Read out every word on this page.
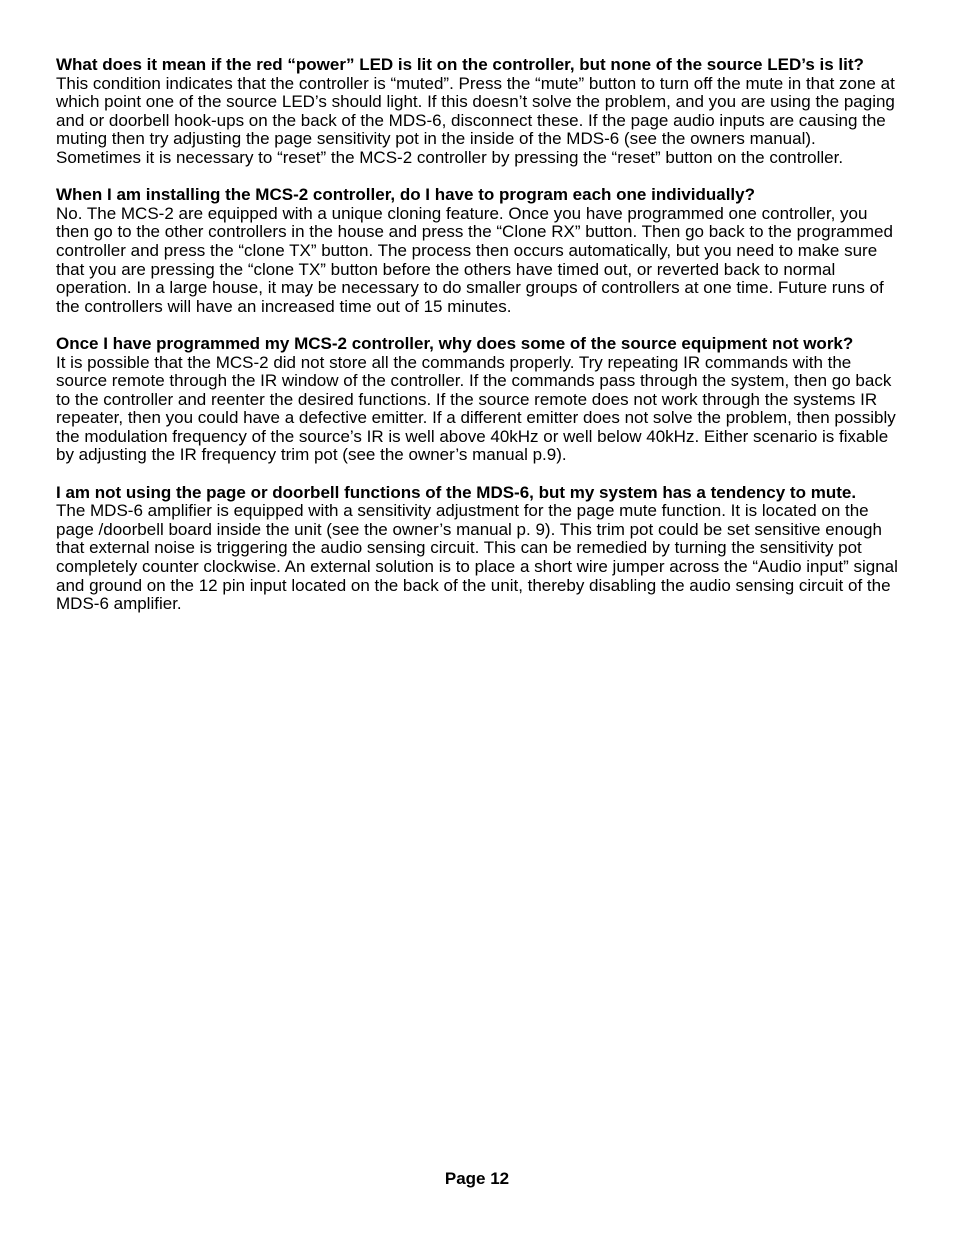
What does it mean if the red “power” LED is lit on the controller, but none of the source LED’s is lit?

This condition indicates that the controller is “muted”. Press the “mute” button to turn off the mute in that zone at which point one of the source LED’s should light. If this doesn’t solve the problem, and you are using the paging and or doorbell hook-ups on the back of the MDS-6, disconnect these. If the page audio inputs are causing the muting then try adjusting the page sensitivity pot in the inside of the MDS-6 (see the owners manual). Sometimes it is necessary to “reset” the MCS-2 controller by pressing the “reset” button on the controller.

When I am installing the MCS-2 controller, do I have to program each one individually?

No. The MCS-2 are equipped with a unique cloning feature. Once you have programmed one controller, you then go to the other controllers in the house and press the “Clone RX” button. Then go back to the programmed controller and press the “clone TX” button. The process then occurs automatically, but you need to make sure that you are pressing the “clone TX” button before the others have timed out, or reverted back to normal operation. In a large house, it may be necessary to do smaller groups of controllers at one time. Future runs of the controllers will have an increased time out of 15 minutes.

Once I have programmed my MCS-2 controller, why does some of the source equipment not work?

It is possible that the MCS-2 did not store all the commands properly. Try repeating IR commands with the source remote through the IR window of the controller. If the commands pass through the system, then go back to the controller and reenter the desired functions. If the source remote does not work through the systems IR repeater, then you could have a defective emitter. If a different emitter does not solve the problem, then possibly the modulation frequency of the source’s IR is well above 40kHz or well below 40kHz. Either scenario is fixable by adjusting the IR frequency trim pot (see the owner’s manual p.9).

I am not using the page or doorbell functions of the MDS-6, but my system has a tendency to mute.

The MDS-6 amplifier is equipped with a sensitivity adjustment for the page mute function. It is located on the page /doorbell board inside the unit (see the owner’s manual p. 9). This trim pot could be set sensitive enough that external noise is triggering the audio sensing circuit. This can be remedied by turning the sensitivity pot completely counter clockwise. An external solution is to place a short wire jumper across the “Audio input” signal and ground on the 12 pin input located on the back of the unit, thereby disabling the audio sensing circuit of the MDS-6 amplifier.

Page 12
